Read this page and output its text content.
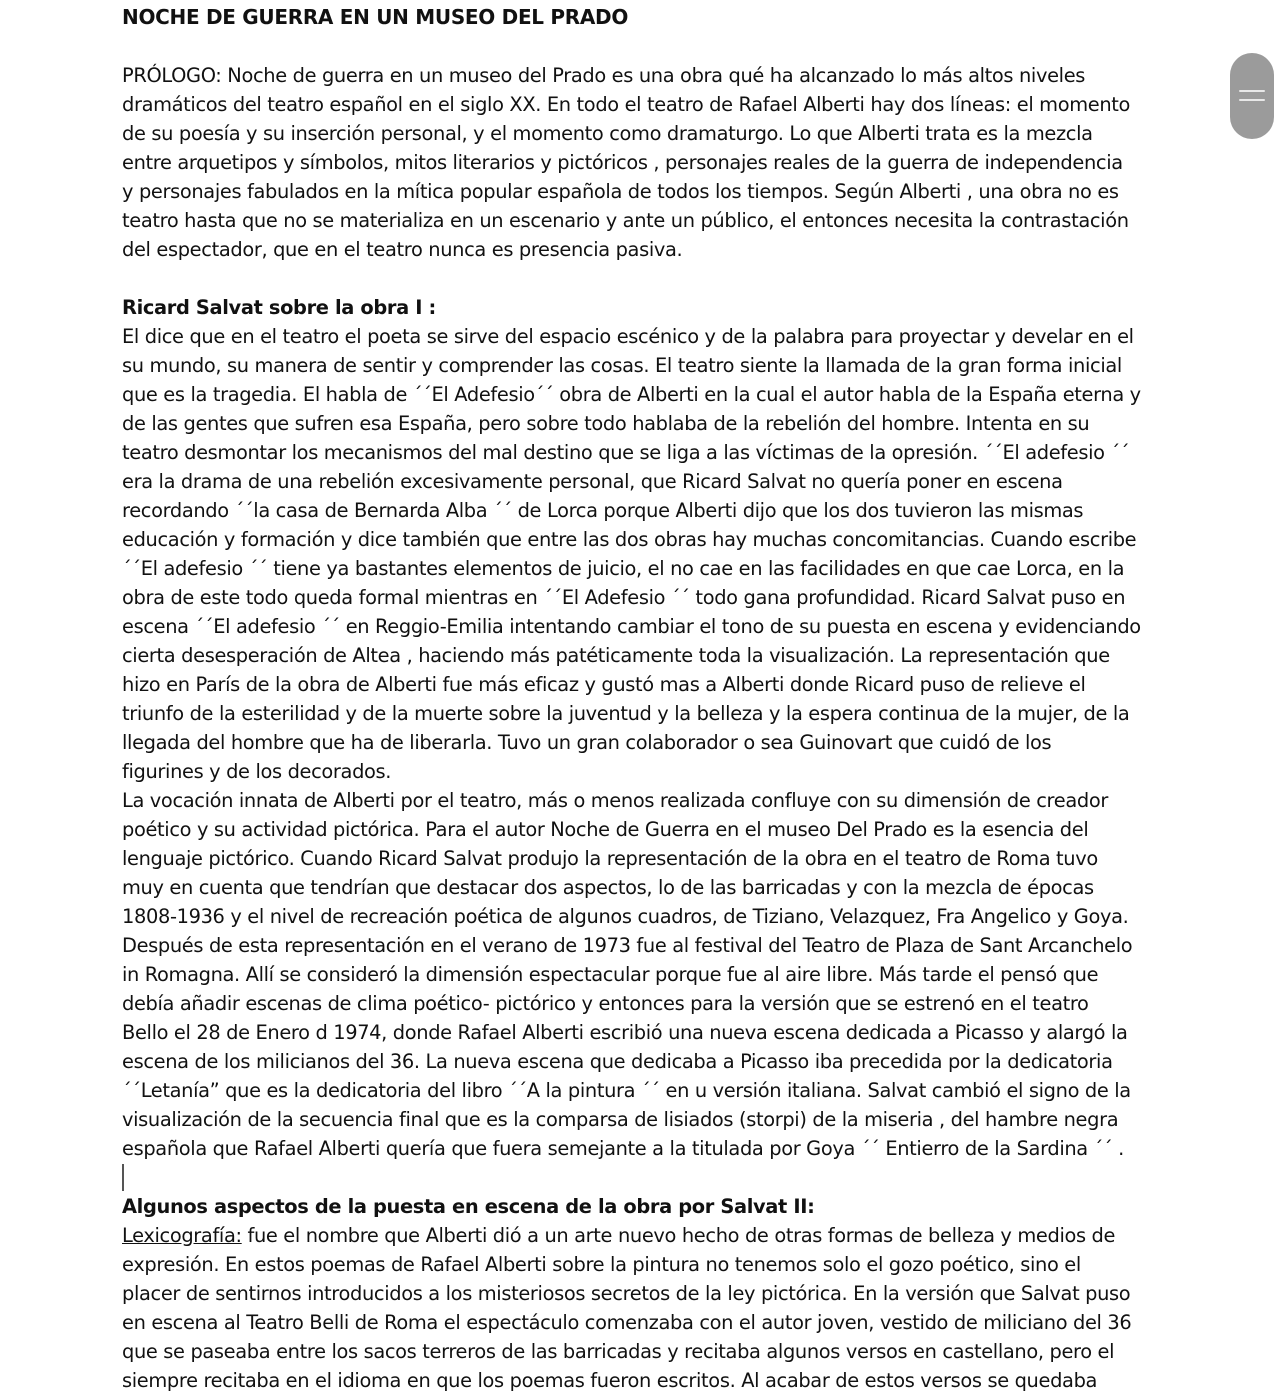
NOCHE DE GUERRA EN UN MUSEO DEL PRADO

PRÓLOGO: Noche de guerra en un museo del Prado es una obra qué ha alcanzado lo más altos niveles
dramáticos del teatro español en el siglo XX. En todo el teatro de Rafael Alberti hay dos líneas: el momento
de su poesía y su inserción personal, y el momento como dramaturgo. Lo que Alberti trata es la mezcla
entre arquetipos y símbolos, mitos literarios y pictóricos , personajes reales de la guerra de independencia
y personajes fabulados en la mítica popular española de todos los tiempos. Según Alberti , una obra no es
teatro hasta que no se materializa en un escenario y ante un público, el entonces necesita la contrastación
del espectador, que en el teatro nunca es presencia pasiva.
Ricard Salvat sobre la obra I :
El dice que en el teatro el poeta se sirve del espacio escénico y de la palabra para proyectar y develar en el
su mundo, su manera de sentir y comprender las cosas. El teatro siente la llamada de la gran forma inicial
que es la tragedia. El habla de ´´El Adefesio´´ obra de Alberti en la cual el autor habla de la España eterna y
de las gentes que sufren esa España, pero sobre todo hablaba de la rebelión del hombre. Intenta en su
teatro desmontar los mecanismos del mal destino que se liga a las víctimas de la opresión. ´´El adefesio ´´
era la drama de una rebelión excesivamente personal, que Ricard Salvat no quería poner en escena
recordando ´´la casa de Bernarda Alba ´´ de Lorca porque Alberti dijo que los dos tuvieron las mismas
educación y formación y dice también que entre las dos obras hay muchas concomitancias. Cuando escribe
´´El adefesio ´´ tiene ya bastantes elementos de juicio, el no cae en las facilidades en que cae Lorca, en la
obra de este todo queda formal mientras en ´´El Adefesio ´´ todo gana profundidad. Ricard Salvat puso en
escena ´´El adefesio ´´ en Reggio-Emilia intentando cambiar el tono de su puesta en escena y evidenciando
cierta desesperación de Altea , haciendo más patéticamente toda la visualización. La representación que
hizo en París de la obra de Alberti fue más eficaz y gustó mas a Alberti donde Ricard puso de relieve el
triunfo de la esterilidad y de la muerte sobre la juventud y la belleza y la espera continua de la mujer, de la
llegada del hombre que ha de liberarla. Tuvo un gran colaborador o sea Guinovart que cuidó de los
figurines y de los decorados.
La vocación innata de Alberti por el teatro, más o menos realizada confluye con su dimensión de creador
poético y su actividad pictórica. Para el autor Noche de Guerra en el museo Del Prado es la esencia del
lenguaje pictórico. Cuando Ricard Salvat produjo la representación de la obra en el teatro de Roma tuvo
muy en cuenta que tendrían que destacar dos aspectos, lo de las barricadas y con la mezcla de épocas
1808-1936 y el nivel de recreación poética de algunos cuadros, de Tiziano, Velazquez, Fra Angelico y Goya.
Después de esta representación en el verano de 1973 fue al festival del Teatro de Plaza de Sant Arcanchelo
in Romagna. Allí se consideró la dimensión espectacular porque fue al aire libre. Más tarde el pensó que
debía añadir escenas de clima poético- pictórico y entonces para la versión que se estrenó en el teatro
Bello el 28 de Enero d 1974, donde Rafael Alberti escribió una nueva escena dedicada a Picasso y alargó la
escena de los milicianos del 36. La nueva escena que dedicaba a Picasso iba precedida por la dedicatoria
´´Letanía” que es la dedicatoria del libro ´´A la pintura ´´ en u versión italiana. Salvat cambió el signo de la
visualización de la secuencia final que es la comparsa de lisiados (storpi) de la miseria , del hambre negra
española que Rafael Alberti quería que fuera semejante a la titulada por Goya ´´ Entierro de la Sardina ´´ .
Algunos aspectos de la puesta en escena de la obra por Salvat II:
Lexicografía: fue el nombre que Alberti dió a un arte nuevo hecho de otras formas de belleza y medios de
expresión. En estos poemas de Rafael Alberti sobre la pintura no tenemos solo el gozo poético, sino el
placer de sentirnos introducidos a los misteriosos secretos de la ley pictórica. En la versión que Salvat puso
en escena al Teatro Belli de Roma el espectáculo comenzaba con el autor joven, vestido de miliciano del 36
que se paseaba entre los sacos terreros de las barricadas y recitaba algunos versos en castellano, pero el
siempre recitaba en el idioma en que los poemas fueron escritos. Al acabar de estos versos se quedaba
